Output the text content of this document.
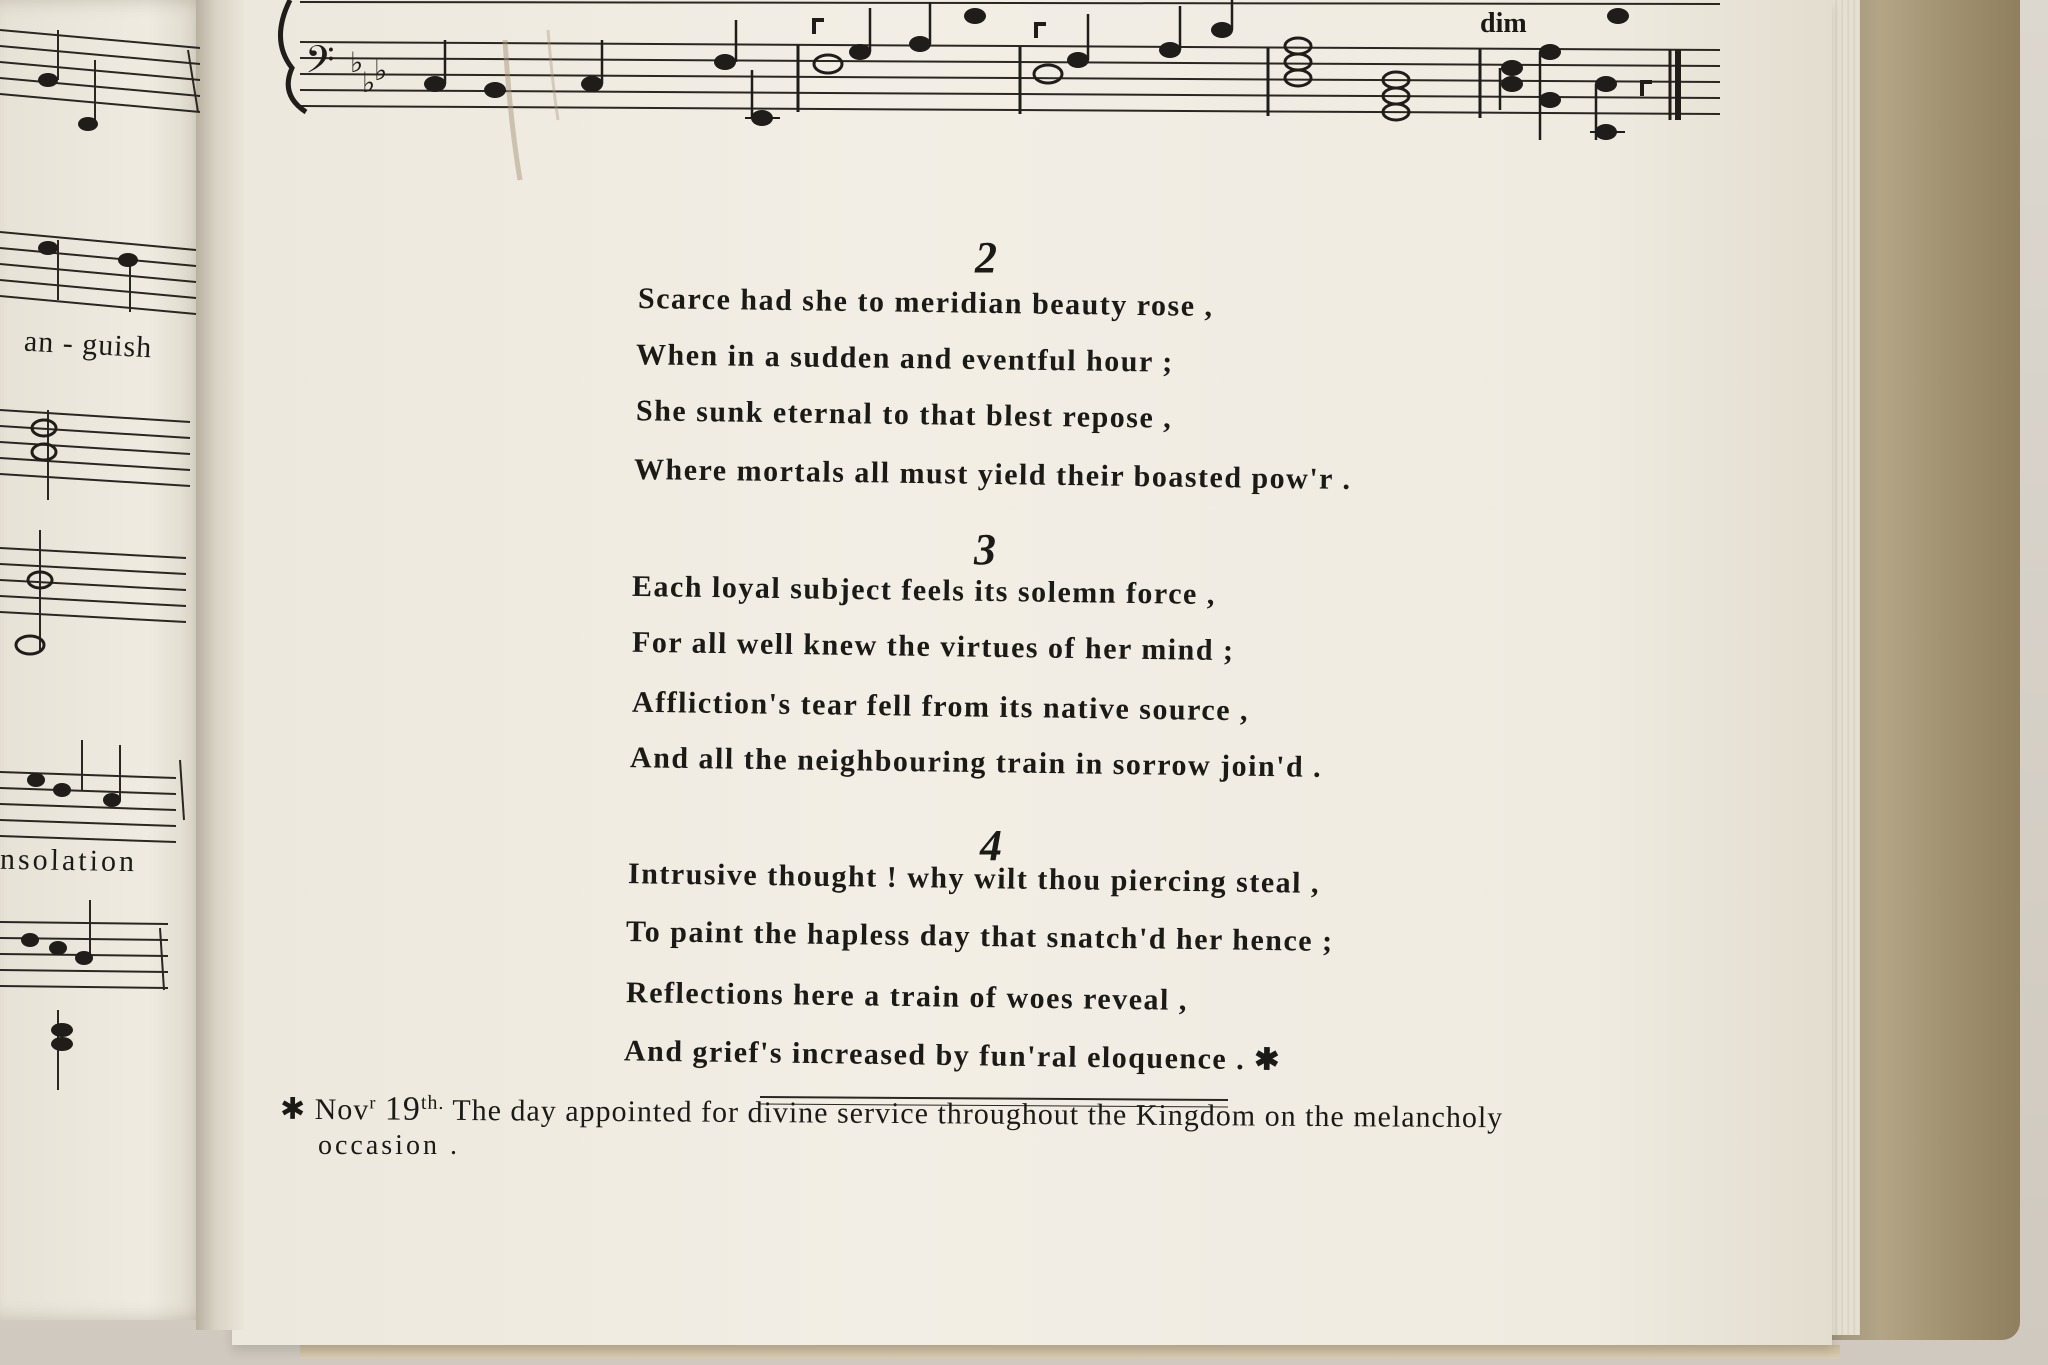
𝄢 ♭
♭
♭
an - guish
nsolation
dim
2
Scarce had she to meridian beauty rose ,
When in a sudden and eventful hour ;
She sunk eternal to that blest repose ,
Where mortals all must yield their boasted pow'r .
3
Each loyal subject feels its solemn force ,
For all well knew the virtues of her mind ;
Affliction's tear fell from its native source ,
And all the neighbouring train in sorrow join'd .
4
Intrusive thought ! why wilt thou piercing steal ,
To paint the hapless day that snatch'd her hence ;
Reflections here a train of woes reveal ,
And grief's increased by fun'ral eloquence . ✱
✱ Nov$^r$ $19^{th.}$ The day appointed for divine service throughout the Kingdom on the melancholy
occasion .
